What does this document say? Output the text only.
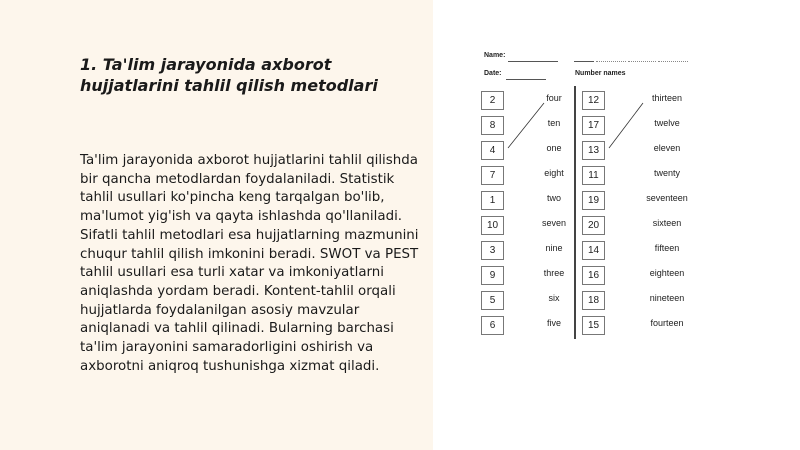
1. Ta'lim jarayonida axborot hujjatlarini tahlil qilish metodlari

Ta'lim jarayonida axborot hujjatlarini tahlil qilishda bir qancha metodlardan foydalaniladi. Statistik tahlil usullari ko'pincha keng tarqalgan bo'lib, ma'lumot yig'ish va qayta ishlashda qo'llaniladi. Sifatli tahlil metodlari esa hujjatlarning mazmunini chuqur tahlil qilish imkonini beradi. SWOT va PEST tahlil usullari esa turli xatar va imkoniyatlarni aniqlashda yordam beradi. Kontent-tahlil orqali hujjatlarda foydalanilgan asosiy mavzular aniqlanadi va tahlil qilinadi. Bularning barchasi ta'lim jarayonini samaradorligini oshirish va axborotni aniqroq tushunishga xizmat qiladi.

Name:
Date:	Number names
2	four	12	thirteen
8	ten	17	twelve
4	one	13	eleven
7	eight	11	twenty
1	two	19	seventeen
10	seven	20	sixteen
3	nine	14	fifteen
9	three	16	eighteen
5	six	18	nineteen
6	five	15	fourteen
